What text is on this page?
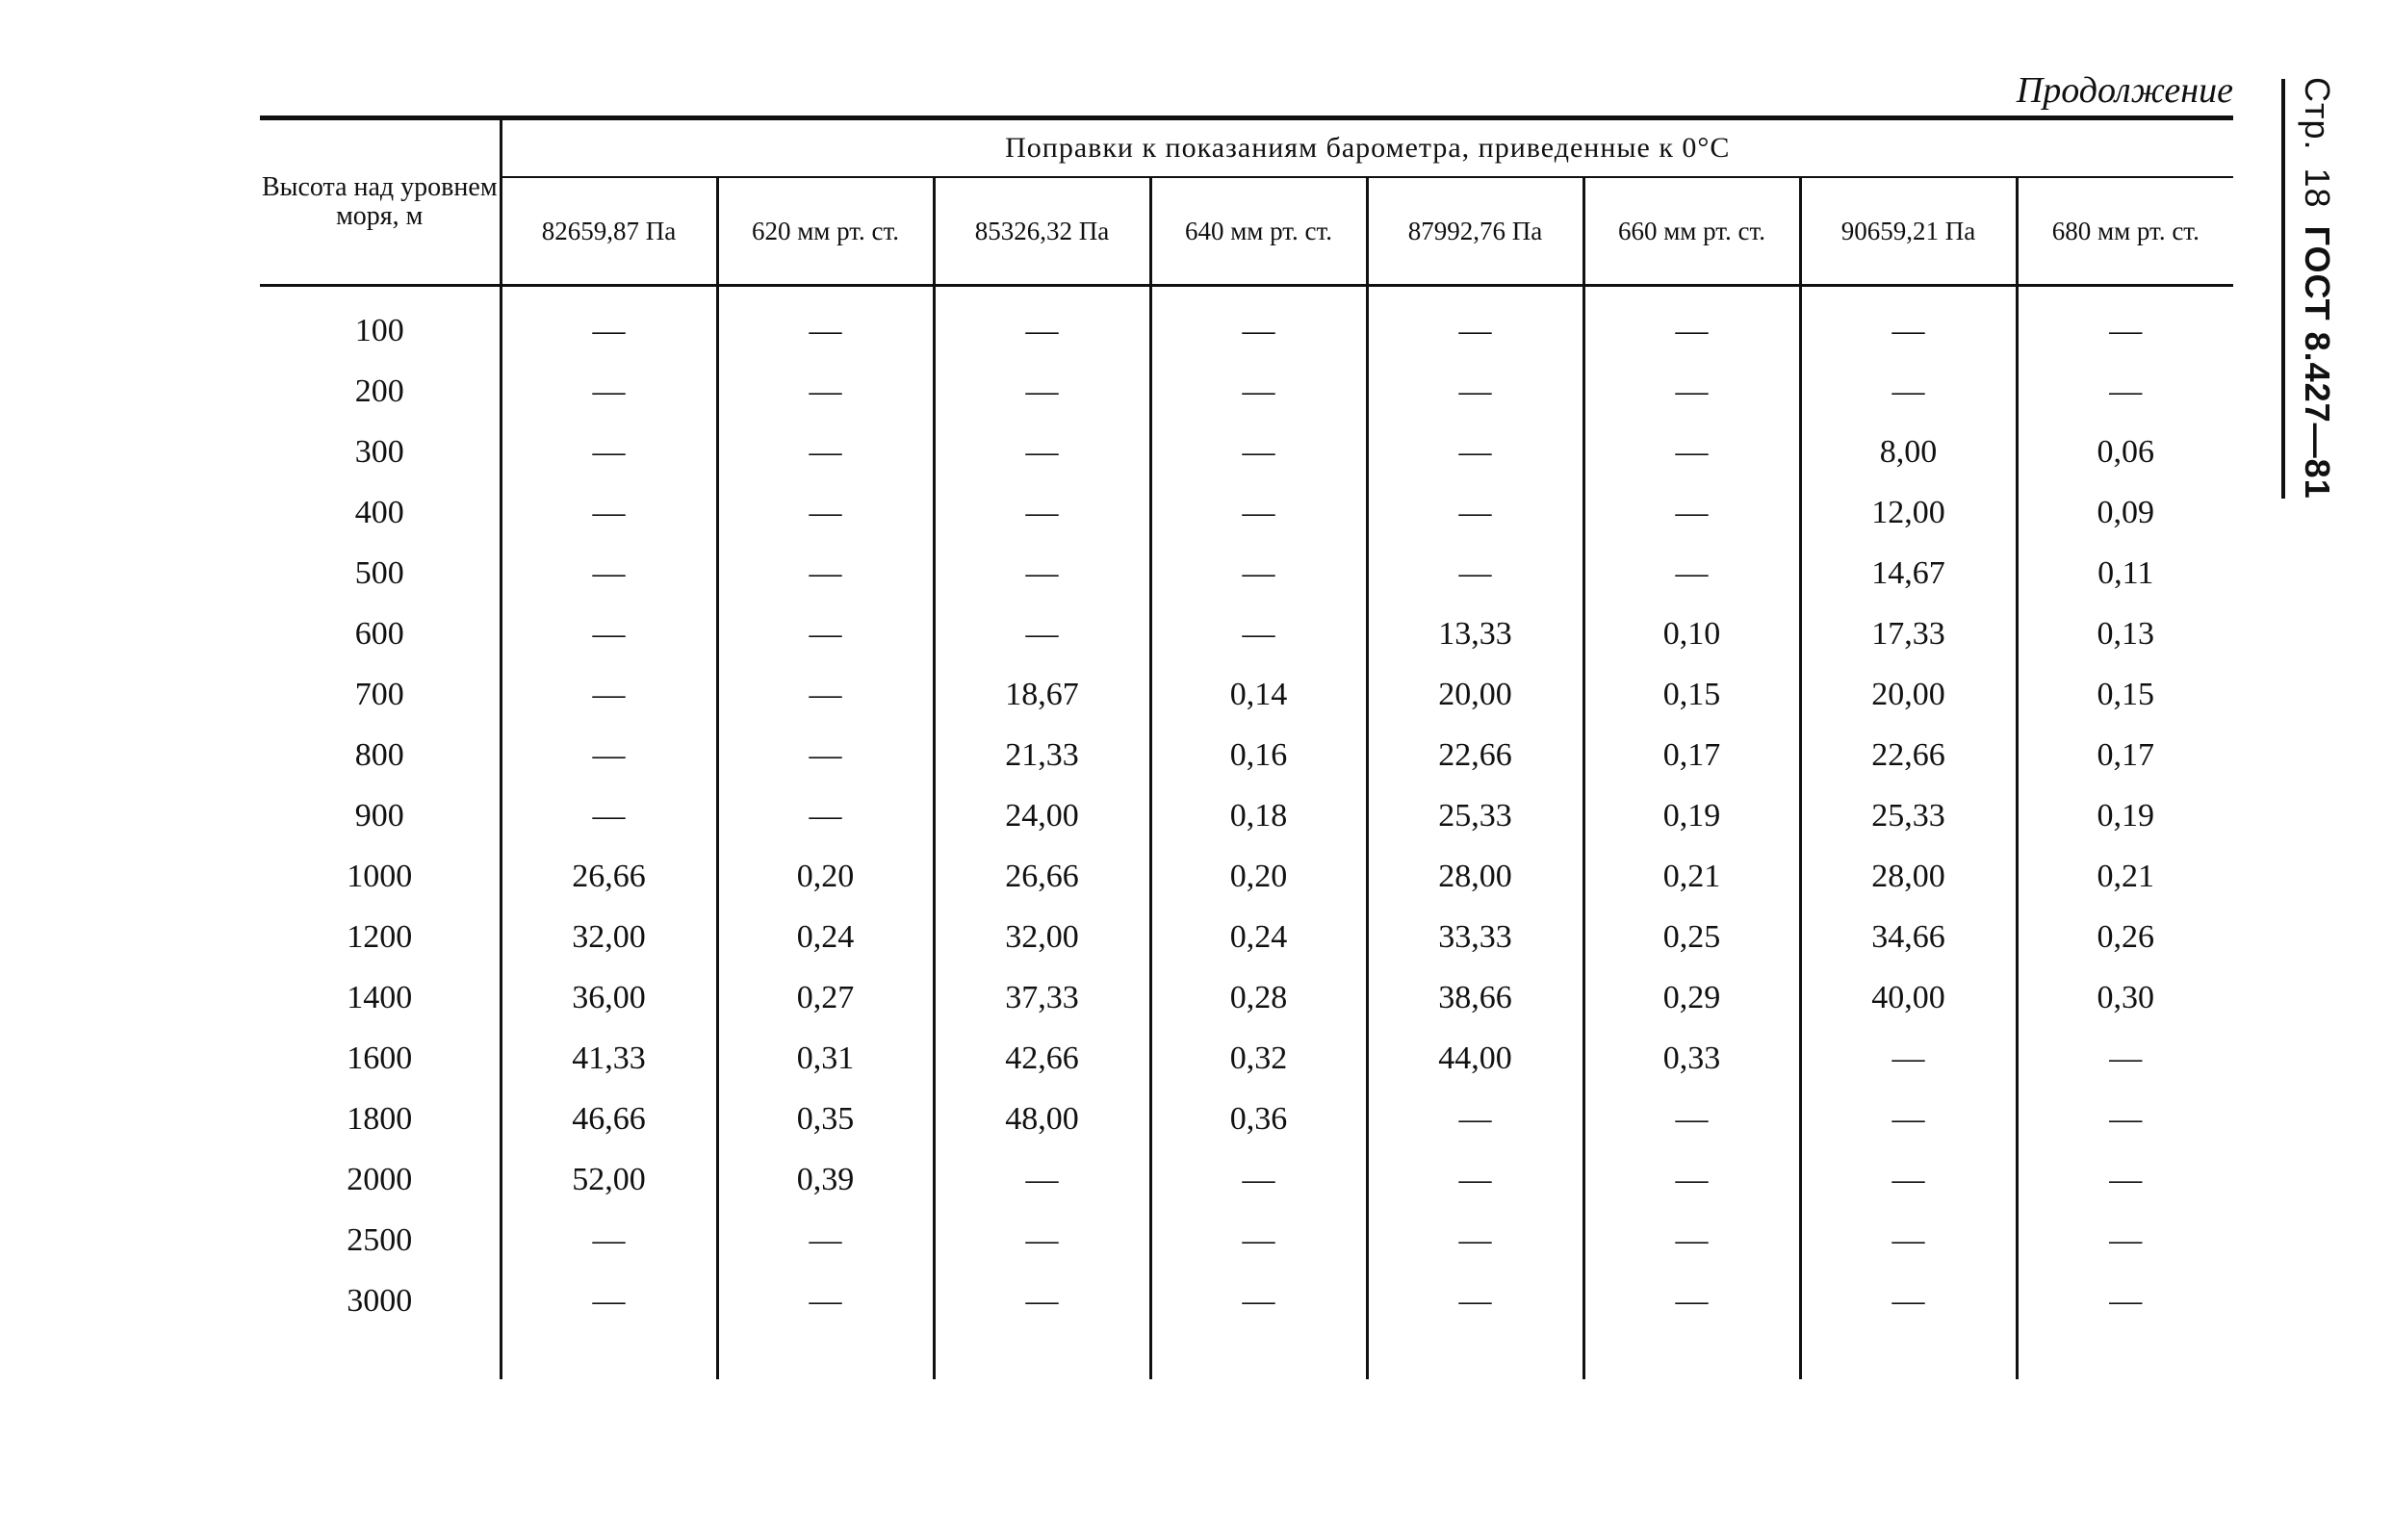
Продолжение Стр.18ГОСТ 8.427—81
Высота над уровнем моря, м	Поправки к показаниям барометра, приведенные к 0°С							
	82659,87 Па	620 мм рт. ст.	85326,32 Па	640 мм рт. ст.	87992,76 Па	660 мм рт. ст.	90659,21 Па	680 мм рт. ст.

100	—	—	—	—	—	—	—	—
200	—	—	—	—	—	—	—	—
300	—	—	—	—	—	—	8,00	0,06
400	—	—	—	—	—	—	12,00	0,09
500	—	—	—	—	—	—	14,67	0,11
600	—	—	—	—	13,33	0,10	17,33	0,13
700	—	—	18,67	0,14	20,00	0,15	20,00	0,15
800	—	—	21,33	0,16	22,66	0,17	22,66	0,17
900	—	—	24,00	0,18	25,33	0,19	25,33	0,19
1000	26,66	0,20	26,66	0,20	28,00	0,21	28,00	0,21
1200	32,00	0,24	32,00	0,24	33,33	0,25	34,66	0,26
1400	36,00	0,27	37,33	0,28	38,66	0,29	40,00	0,30
1600	41,33	0,31	42,66	0,32	44,00	0,33	—	—
1800	46,66	0,35	48,00	0,36	—	—	—	—
2000	52,00	0,39	—	—	—	—	—	—
2500	—	—	—	—	—	—	—	—
3000	—	—	—	—	—	—	—	—
